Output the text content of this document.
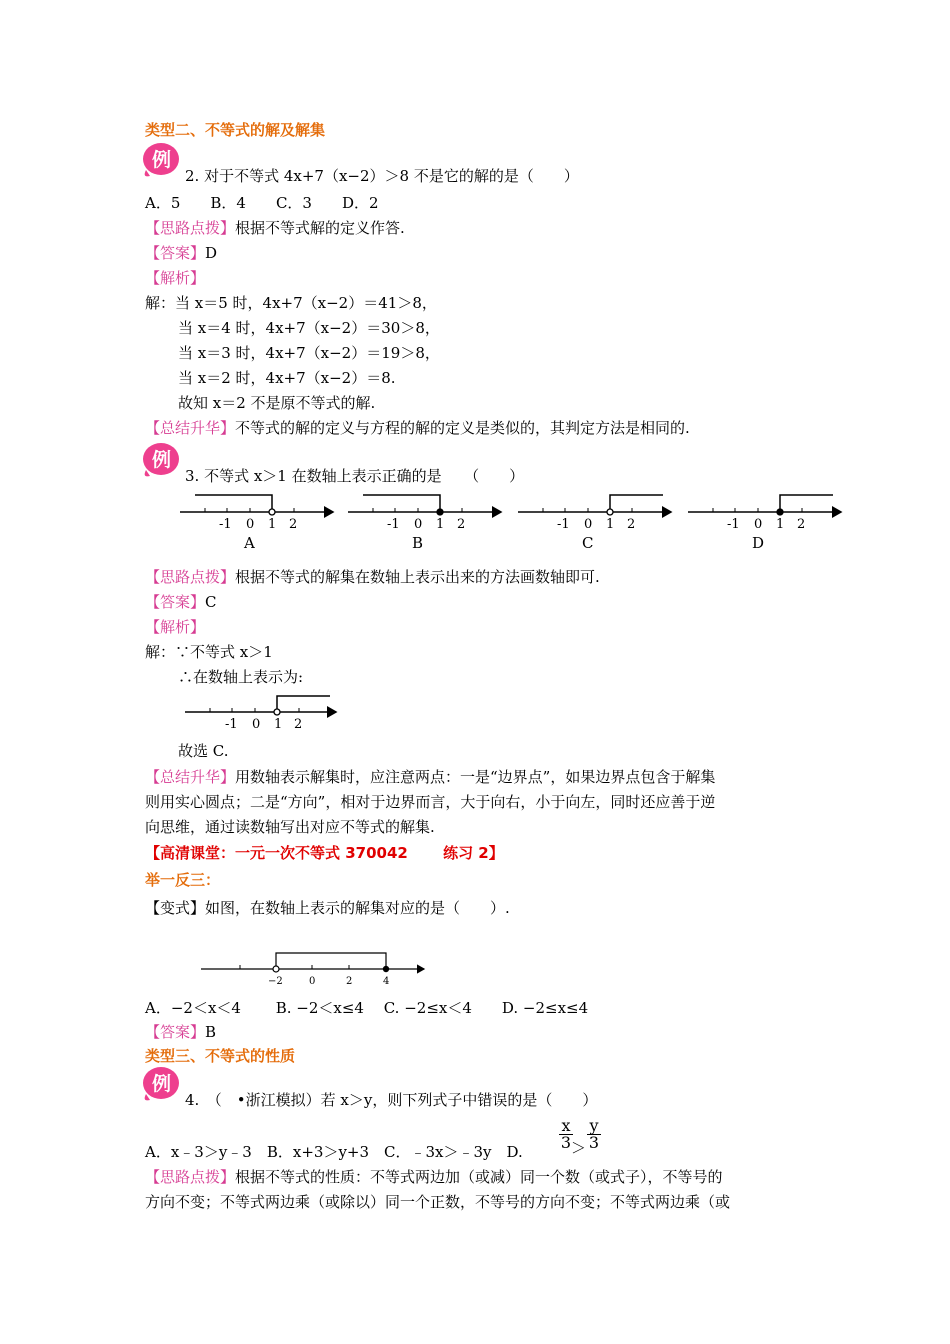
类型二、不等式的解及解集
例
2. 对于不等式 4x+7（x−2）＞8 不是它的解的是（　　）
A．5　　B．4　　C．3　　D．2
【思路点拨】根据不等式解的定义作答.
【答案】D
【解析】
解：当 x＝5 时，4x+7（x−2）＝41＞8，
当 x＝4 时，4x+7（x−2）＝30＞8，
当 x＝3 时，4x+7（x−2）＝19＞8，
当 x＝2 时，4x+7（x−2）＝8.
故知 x＝2 不是原不等式的解.
【总结升华】不等式的解的定义与方程的解的定义是类似的，其判定方法是相同的.
例
3. 不等式 x＞1 在数轴上表示正确的是　　（　　）
-1 0 1 2
A
-1 0 1 2
B
-1 0 1 2
C
-1 0 1 2
D
【思路点拨】根据不等式的解集在数轴上表示出来的方法画数轴即可.
【答案】C
【解析】
解：∵不等式 x＞1
∴在数轴上表示为:
-1 0 1 2
故选 C.
【总结升华】用数轴表示解集时，应注意两点：一是“边界点”，如果边界点包含于解集
则用实心圆点；二是“方向”，相对于边界而言，大于向右，小于向左，同时还应善于逆
向思维，通过读数轴写出对应不等式的解集.
【高清课堂：一元一次不等式 370042　　 练习 2】
举一反三：
【变式】如图，在数轴上表示的解集对应的是（　　）.
−2	0	2	4
A．−2＜x＜4　　 B. −2＜x≤4　 C. −2≤x＜4　　D. −2≤x≤4
【答案】B
类型三、不等式的性质
例
4.　（　•浙江模拟）若 x＞y，则下列式子中错误的是（　　）
A．x﹣3＞y﹣3　B．x+3＞y+3　C．﹣3x＞﹣3y　D.
$\frac{x}{3}$
＞ $\frac{y}{3}$
【思路点拨】根据不等式的性质：不等式两边加（或减）同一个数（或式子），不等号的
方向不变；不等式两边乘（或除以）同一个正数，不等号的方向不变；不等式两边乘（或
